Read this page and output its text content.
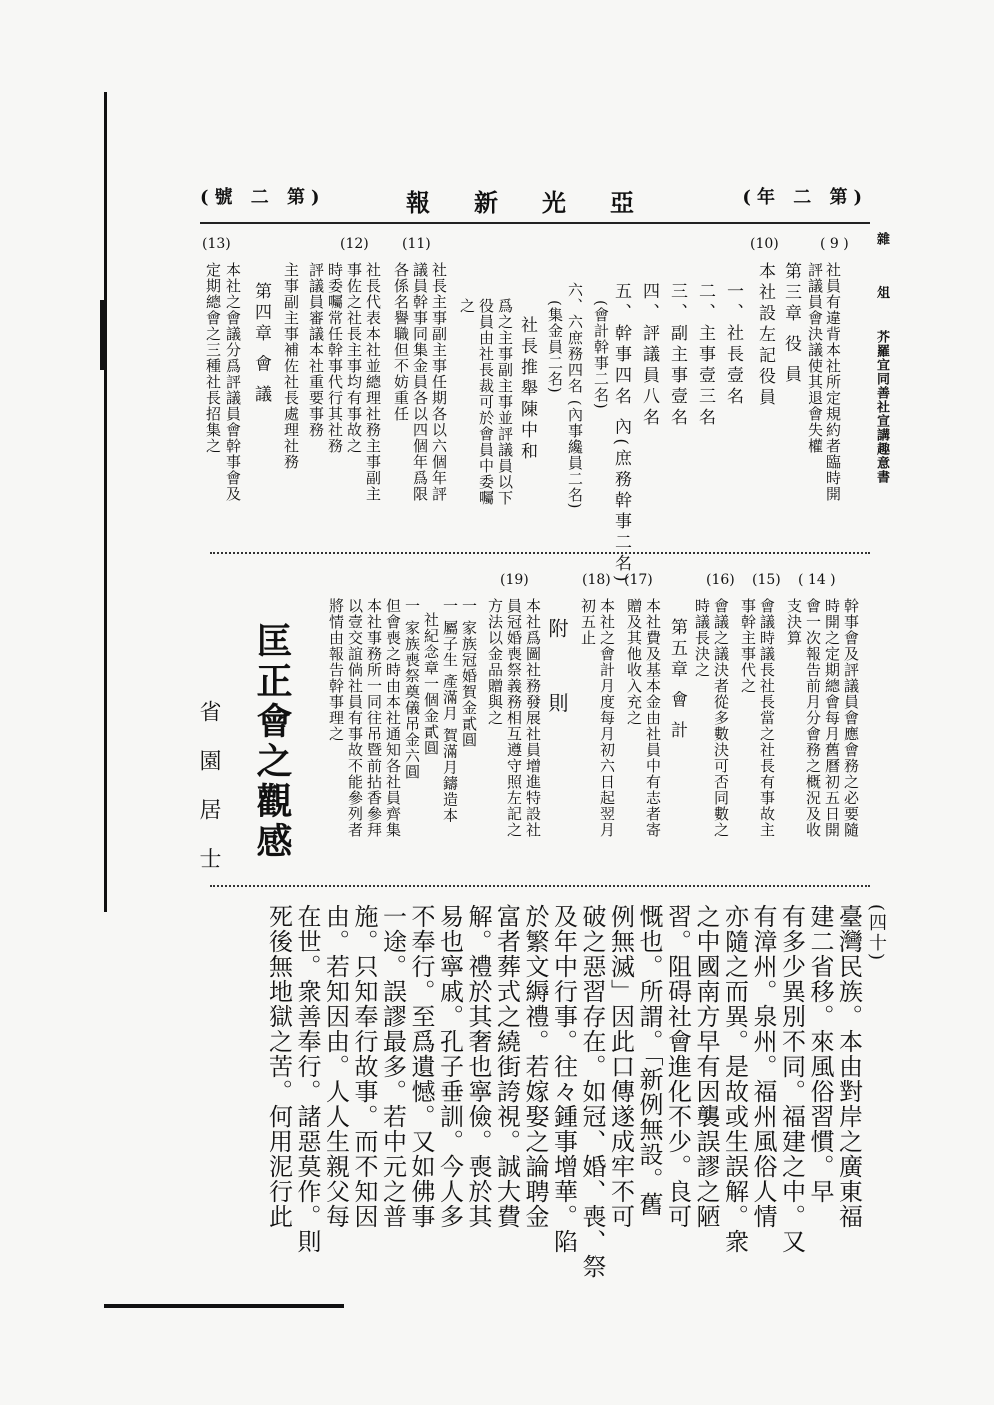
(號 二 第)	報新光亞	(年 二 第)
雜 俎
芥羅宜同善社宣講趣意書
( 9 )
社員有違背本社所定規約者臨時開
評議員會決議使其退會失權
第三章 役 員
(10)
本社設左記役員
一、社長壹名
二、主事壹三名
三、副主事壹名
四、評議員八名
五、幹事四名 內(庶務幹事二名)
(會計幹事二名)
六、六庶務四名 (內事纔員二名)
(集金員二名)
社長推舉陳中和
爲之主事副主事並評議員以下
役員由社長裁可於會員中委囑
之
(11)
社長主事副主事任期各以六個年評
議員幹事同集金員各以四個年爲限
各係名譽職但不妨重任
(12)
社長代表本社並總理社務主事副主
事佐之社長主事均有事故之
時委囑常任幹事代行其社務
評議員審議本社重要事務
主事副主事補佐社長處理社務
第四章 會 議
(13)
本社之會議分爲評議員會幹事會及
定期總會之三種社長招集之
( 14 )
幹事會及評議員會應會務之必要隨
時開之定期總會每月舊曆初五日開
會一次報告前月分會務之概況及收
支決算
(15)
會議時議長社長當之社長有事故主
事幹主事代之
(16)
會議之議決者從多數決可否同數之
時議長決之
第五章 會 計
(17)
本社費及基本金由社員中有志者寄
贈及其他收入充之
(18)
本社之會計月度每月初六日起翌月
初五止
附 則
(19)
本社爲圖社務發展社員增進特設社
員冠婚喪祭義務相互遵守照左記之
方法以金品贈與之
一 家族冠婚賀金貳圓
一 屬子生 產滿月 賀滿月鑄造本
社紀念章一個金貳圓
一 家族喪祭奠儀吊金六圓
但會喪之時由本社通知各社員齊集
本社事務所一同往吊暨前拈香參拜
以壹交誼倘社員有事故不能參列者
將情由報告幹事理之
匡正會之觀感
省 園 居 士
(四十)
臺灣民族。本由對岸之廣東福
建二省移。來風俗習慣。早
有多少異別不同。福建之中。又
有漳州。泉州。福州風俗人情
亦隨之而異。是故或生誤解。衆
之中國南方早有因襲誤謬之陋
習。阻碍社會進化不少。良可
慨也。所謂。「新例無設。舊
例無滅」因此口傳遂成牢不可
破之惡習存在。如冠、婚、喪、祭
及年中行事。往々鍾事增華。陷
於繁文縟禮。若嫁娶之論聘金
富者葬式之繞街誇視。誠大費
解。禮於其奢也寧儉。喪於其
易也寧戚。孔子垂訓。今人多
不奉行。至爲遺憾。又如佛事
一途。誤謬最多。若中元之普
施。只知奉行故事。而不知因
由。若知因由。人人生親父每
在世。衆善奉行。諸惡莫作。則
死後無地獄之苦。何用泥行此
